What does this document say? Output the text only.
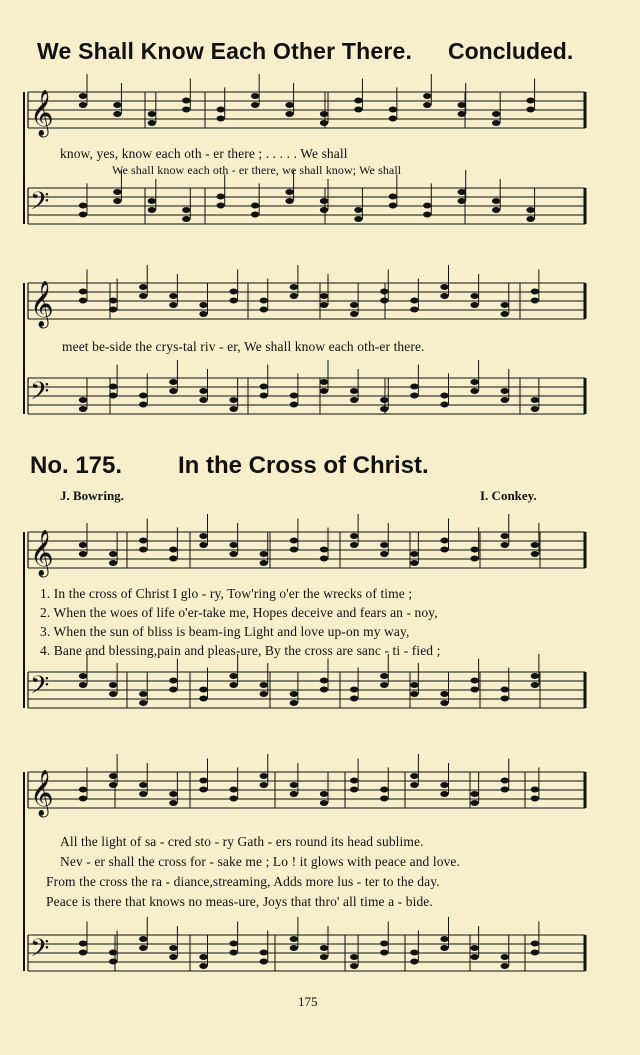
𝄞
𝄢
𝄞
𝄢
𝄞
𝄢
𝄞
𝄢
We Shall Know Each Other There. Concluded.
know, yes, know each oth - er there ; . . . . . We shall
We shall know each oth - er there, we shall know; We shall
meet be-side the crys-tal riv - er, We shall know each oth-er there.
No. 175. In the Cross of Christ.
J. Bowring.	I. Conkey.
1. In the cross of Christ I glo - ry, Tow'ring o'er the wrecks of time ;
2. When the woes of life o'er-take me, Hopes deceive and fears an - noy,
3. When the sun of bliss is beam-ing Light and love up-on my way,
4. Bane and blessing,pain and pleas-ure, By the cross are sanc - ti - fied ;
All the light of sa - cred sto - ry Gath - ers round its head sublime.
Nev - er shall the cross for - sake me ; Lo ! it glows with peace and love.
From the cross the ra - diance,streaming, Adds more lus - ter to the day.
Peace is there that knows no meas-ure, Joys that thro' all time a - bide.
175
